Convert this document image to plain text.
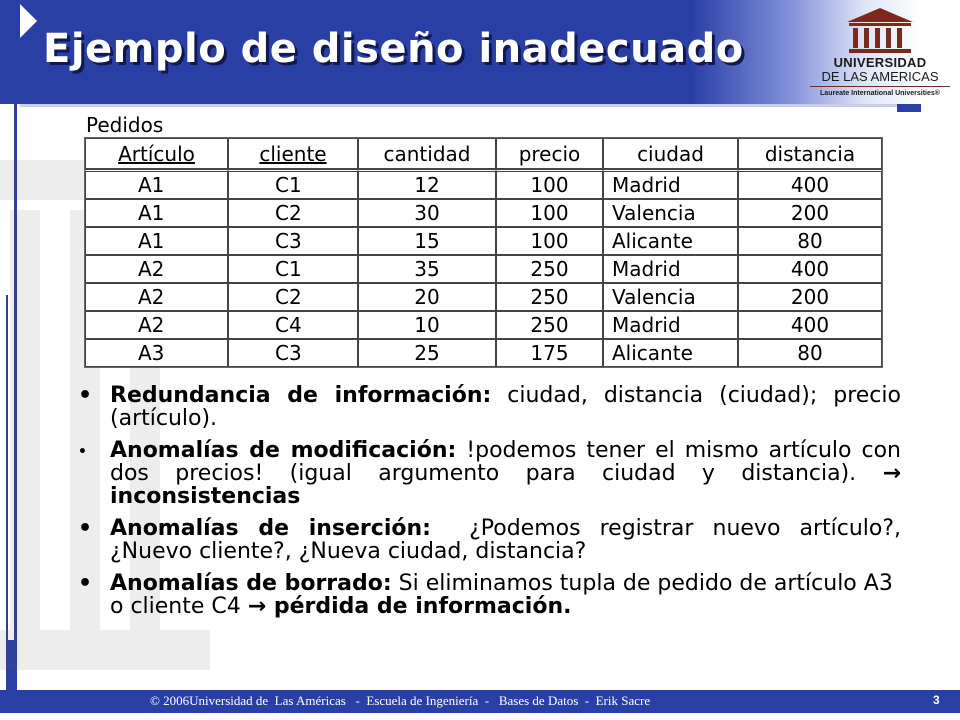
Ejemplo de diseño inadecuado	UNIVERSIDAD
DE LAS AMERICAS
Laureate International Universities®
Pedidos
Artículo	cliente	cantidad	precio	ciudad	distancia
A1	C1	12	100	Madrid	400
A1	C2	30	100	Valencia	200
A1	C3	15	100	Alicante	80
A2	C1	35	250	Madrid	400
A2	C2	20	250	Valencia	200
A2	C4	10	250	Madrid	400
A3	C3	25	175	Alicante	80
• Redundancia de información: ciudad, distancia (ciudad); precio (artículo).
• Anomalías de modificación: !podemos tener el mismo artículo con dos precios! (igual argumento para ciudad y distancia). → inconsistencias
• Anomalías de inserción:  ¿Podemos registrar nuevo artículo?, ¿Nuevo cliente?, ¿Nueva ciudad, distancia?
• Anomalías de borrado: Si eliminamos tupla de pedido de artículo A3 o cliente C4 → pérdida de información.
© 2006Universidad de  Las Américas   -  Escuela de Ingeniería  -   Bases de Datos  -  Erik Sacre	3
